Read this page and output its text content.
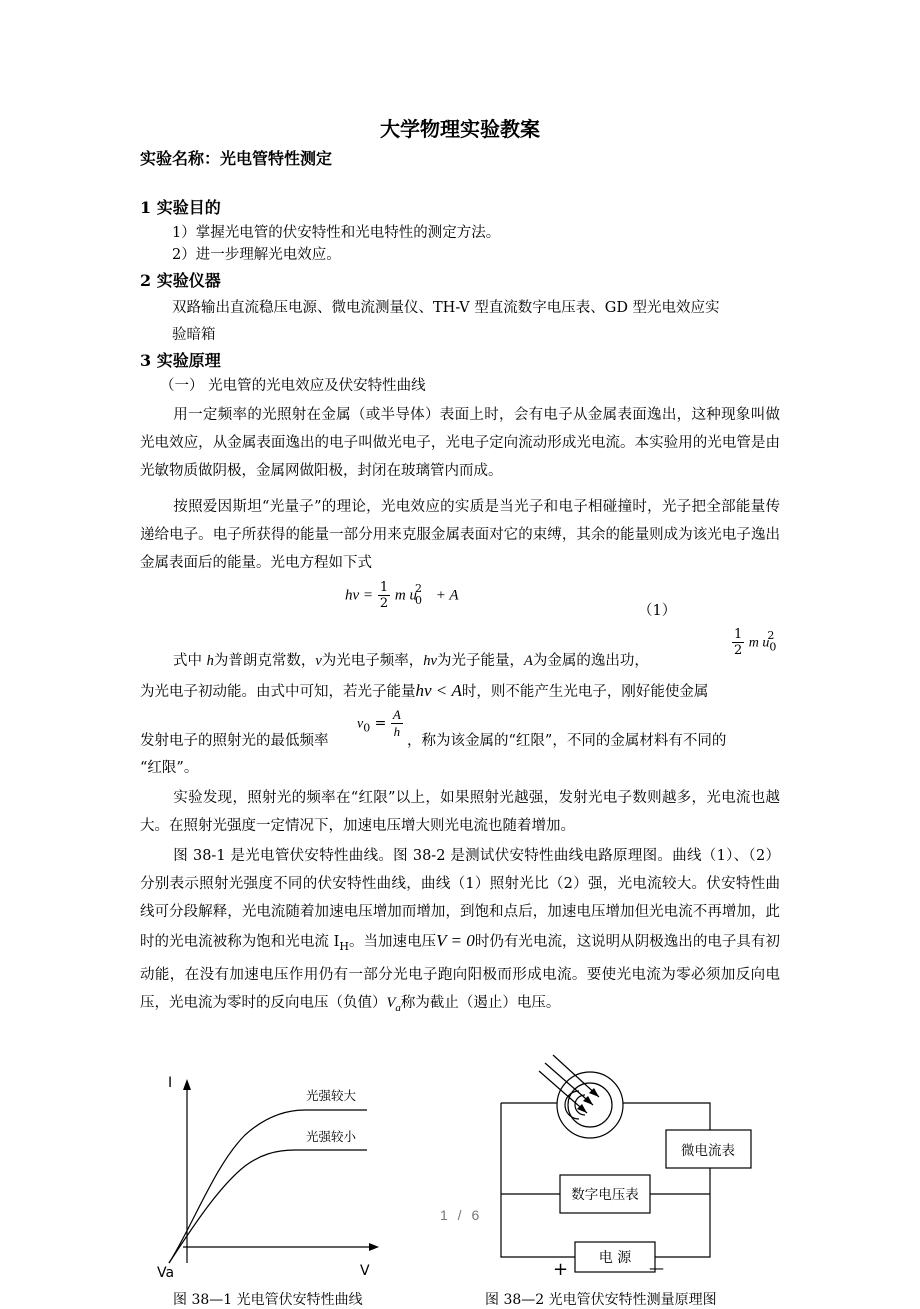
大学物理实验教案
实验名称：光电管特性测定
1 实验目的
1）掌握光电管的伏安特性和光电特性的测定方法。
2）进一步理解光电效应。
2 实验仪器
双路输出直流稳压电源、微电流测量仪、TH-V 型直流数字电压表、GD 型光电效应实
验暗箱
3 实验原理
（一） 光电管的光电效应及伏安特性曲线
用一定频率的光照射在金属（或半导体）表面上时，会有电子从金属表面逸出，这种现象叫做光电效应，从金属表面逸出的电子叫做光电子，光电子定向流动形成光电流。本实验用的光电管是由光敏物质做阴极，金属网做阳极，封闭在玻璃管内而成。
按照爱因斯坦“光量子”的理论，光电效应的实质是当光子和电子相碰撞时，光子把全部能量传递给电子。电子所获得的能量一部分用来克服金属表面对它的束缚，其余的能量则成为该光电子逸出金属表面后的能量。光电方程如下式
$h\nu = \frac{1}{2}$ m $u_0^2 + A$
（1）
$\frac{1}{2}$ m $u_0^2$
式中 h为普朗克常数，ν为光电子频率，hν为光子能量，A为金属的逸出功，
为光电子初动能。由式中可知，若光子能量hν < A时，则不能产生光电子，刚好能使金属
发射电子的照射光的最低频率
$\nu_0 = \frac{A}{h}$
，称为该金属的“红限”，不同的金属材料有不同的
“红限”。
实验发现，照射光的频率在“红限”以上，如果照射光越强，发射光电子数则越多，光电流也越大。在照射光强度一定情况下，加速电压增大则光电流也随着增加。
图 38-1 是光电管伏安特性曲线。图 38-2 是测试伏安特性曲线电路原理图。曲线（1）、（2）分别表示照射光强度不同的伏安特性曲线，曲线（1）照射光比（2）强，光电流较大。伏安特性曲线可分段解释，光电流随着加速电压增加而增加，到饱和点后，加速电压增加但光电流不再增加，此时的光电流被称为饱和光电流 $I_H$。当加速电压V = 0时仍有光电流，这说明从阴极逸出的电子具有初动能，在没有加速电压作用仍有一部分光电子跑向阳极而形成电流。要使光电流为零必须加反向电压，光电流为零时的反向电压（负值）$V_a$称为截止（遏止）电压。
I
V
Va
光强较大
光强较小
图 38—1 光电管伏安特性曲线
1 / 6
微电流表
数字电压表
电 源
+	—
图 38—2 光电管伏安特性测量原理图
